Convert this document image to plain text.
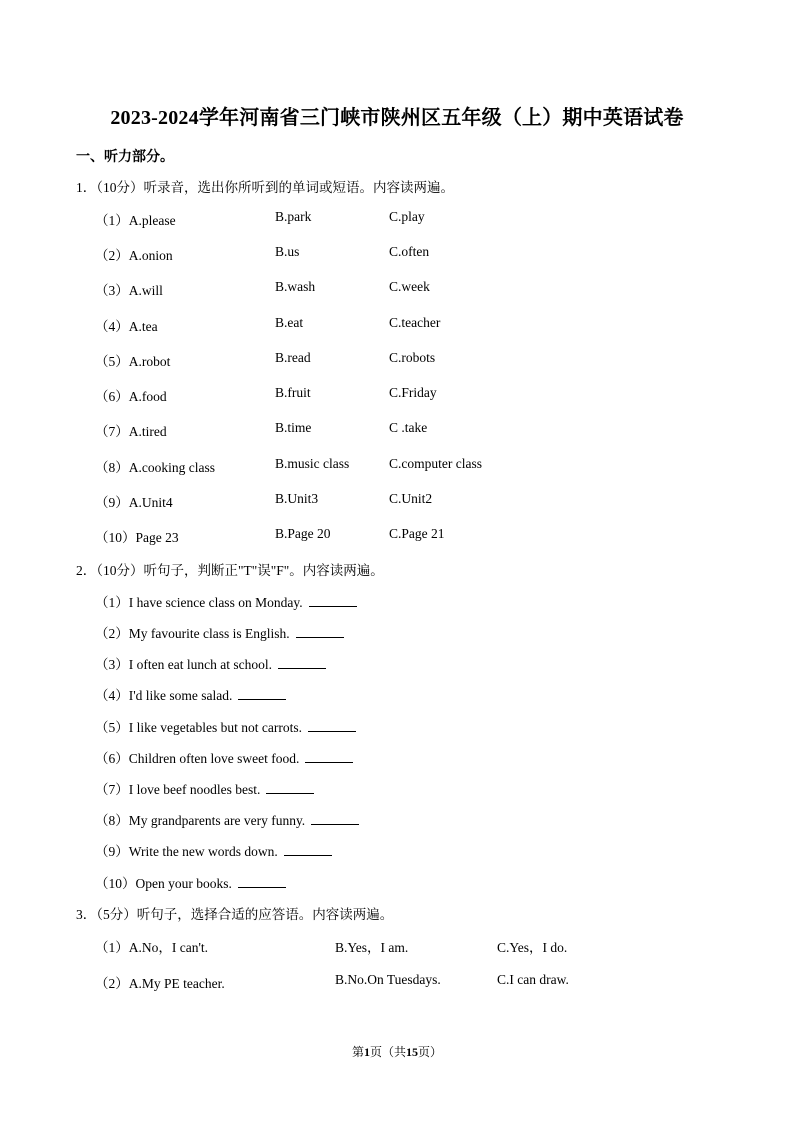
2023-2024学年河南省三门峡市陕州区五年级（上）期中英语试卷
一、听力部分。
1．（10分）听录音，选出你所听到的单词或短语。内容读两遍。
（1）A.please	B.park	C.play
（2）A.onion	B.us	C.often
（3）A.will	B.wash	C.week
（4）A.tea	B.eat	C.teacher
（5）A.robot	B.read	C.robots
（6）A.food	B.fruit	C.Friday
（7）A.tired	B.time	C .take
（8）A.cooking class	B.music class	C.computer class
（9）A.Unit4	B.Unit3	C.Unit2
（10）Page 23	B.Page 20	C.Page 21
2．（10分）听句子，判断正"T"误"F"。内容读两遍。
（1）I have science class on Monday.
（2）My favourite class is English.
（3）I often eat lunch at school.
（4）I'd like some salad.
（5）I like vegetables but not carrots.
（6）Children often love sweet food.
（7）I love beef noodles best.
（8）My grandparents are very funny.
（9）Write the new words down.
（10）Open your books.
3．（5分）听句子，选择合适的应答语。内容读两遍。
（1）A.No，I can't.	B.Yes，I am.	C.Yes，I do.
（2）A.My PE teacher.	B.No.On Tuesdays.	C.I can draw.
第1页（共15页）
